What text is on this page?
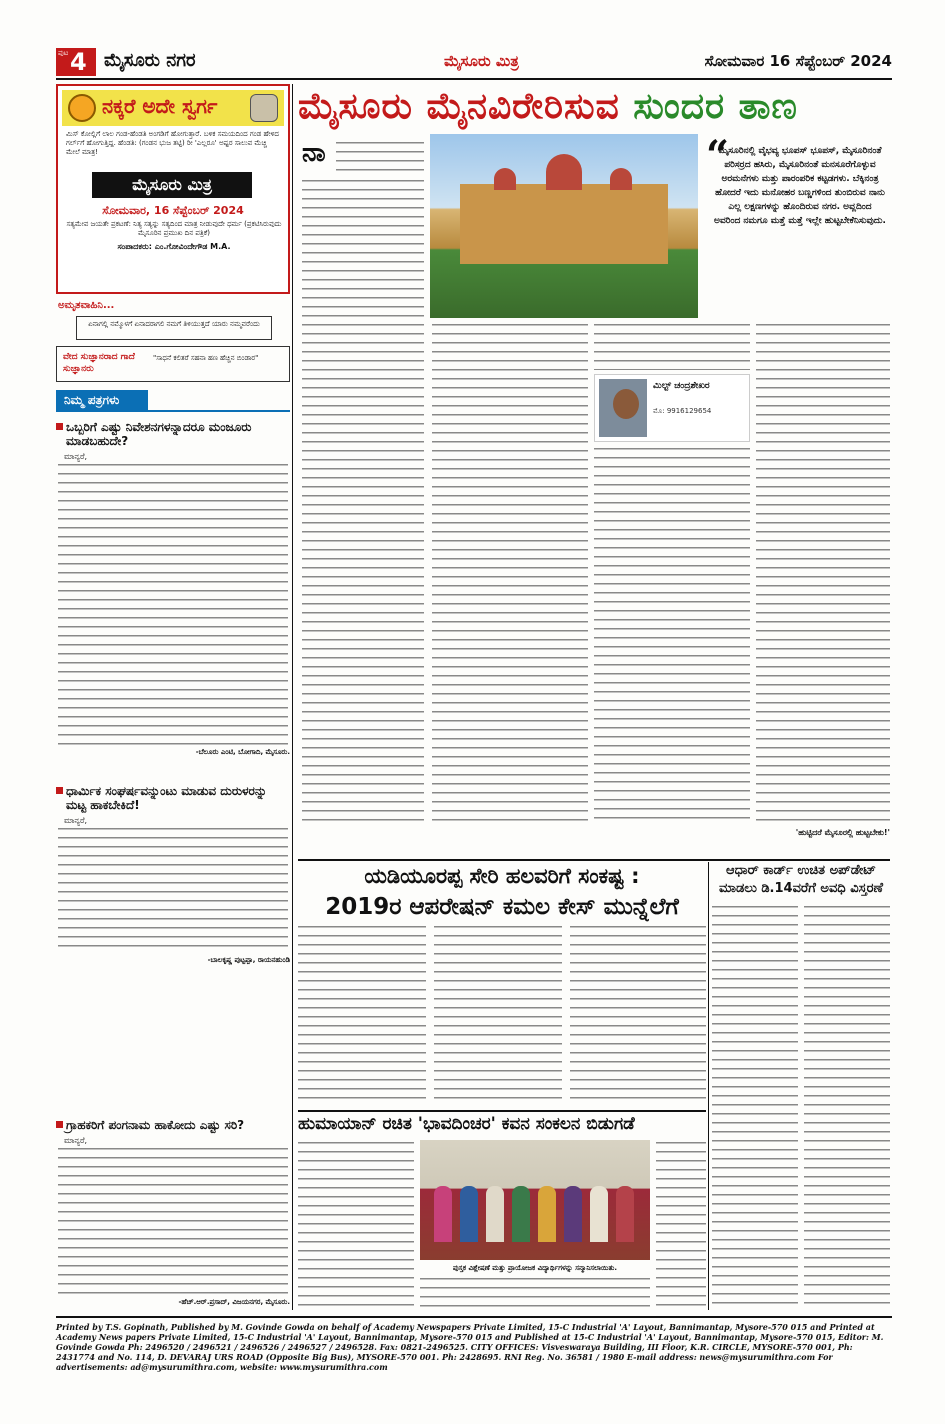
ಪುಟ 4 ಮೈಸೂರು ನಗರ	ಮೈಸೂರು ಮಿತ್ರ	ಸೋಮವಾರ 16 ಸೆಪ್ಟೆಂಬರ್ 2024
ನಕ್ಕರೆ ಅದೇ ಸ್ವರ್ಗ
ಮಿಸ್ ಕೋಲ್ಲಿಗೆ ಲಾಲ ಗಂಡ-ಹೆಂಡತಿ ಅಂಗಡಿಗೆ ಹೋಗುತ್ತಾರೆ. ಬಳಿಕ ಸಮಯದಿಂದ ಗಂಡ ಹೇಳಿದ ಗರ್ಲ್‌ಗೆ ಹೋಗುತ್ತಿದ್ದ. ಹೆಂಡತಿ: (ಗಂಡನ ಭುಜ ತಟ್ಟಿ) ರೀ 'ಎಲ್ಲರೂ' ಅಷ್ಟರ ಸಾಲುವ ಮೆಚ್ಚಿ ಮೇಲೆ ಮಾತ್ರ!
ಮೈಸೂರು ಮಿತ್ರ
ಸೋಮವಾರ, 16 ಸೆಪ್ಟೆಂಬರ್ 2024
ಸತ್ಯಮೇವ ಜಯತೇ ಪ್ರಕಟಣೆ: ನಿತ್ಯ ಸತ್ಯನ್ನು ಸತ್ಯದಿಂದ ಮಾತ್ರ ನೀಡುವುದೇ ಧರ್ಮ (ಪ್ರಕಟಿಸಿರುವುದು ಮೈಸೂರಿನ ಪ್ರಮುಖ ದಿನ ಪತ್ರಿಕೆ)
ಸಂಪಾದಕರು: ಎಂ.ಗೋವಿಂದೇಗೌಡ M.A.
ಅಮೃತವಾಹಿನಿ...
ಏನಾಗಲ್ಲಿ ನಮ್ಮೊಳಗೆ ಏನಾದರಾಗಲಿ ನಮಗೆ ತಿಳಿಯುತ್ತದೆ ಯಾರು ನಮ್ಮವರೆಂದು
ವೇದ ಸುಜ್ಞಾನರಾದ ಗಾದೆ ಸುಜ್ಞಾನರು
"ಸಾಧನೆ ಕಲಿತರೆ ಸಹನಾ ಹಣ ಹೆಚ್ಚಿನ ಬಿಂಡಾರ"
ನಿಮ್ಮ ಪತ್ರಗಳು
ಒಬ್ಬರಿಗೆ ಎಷ್ಟು ನಿವೇಶನಗಳನ್ನಾದರೂ ಮಂಜೂರು ಮಾಡಬಹುದೇ?
ಮಾನ್ಯರೆ,
-ಬೆಲೂರು ಎಂಟಿ, ಬೋಗಾದಿ, ಮೈಸೂರು.
ಧಾರ್ಮಿಕ ಸಂಘರ್ಷವನ್ನುಂಟು ಮಾಡುವ ದುರುಳರನ್ನು ಮಟ್ಟ ಹಾಕಬೇಕಿದೆ!
ಮಾನ್ಯರೆ,
-ಬಾಲಕೃಷ್ಣ ಪುಟ್ಟಪ್ಪಾ, ರಾಯನಹುಂಡಿ
ಗ್ರಾಹಕರಿಗೆ ಪಂಗನಾಮ ಹಾಕೋದು ಎಷ್ಟು ಸರಿ?
ಮಾನ್ಯರೆ,
-ಹೆಚ್.ಆರ್.ಪ್ರಸಾದ್, ವಿಜಯನಗರ, ಮೈಸೂರು.
ಮೈಸೂರು ಮೈನವಿರೇರಿಸುವ ಸುಂದರ ತಾಣ
ನಾ	“
ಮೈಸೂರಿನಲ್ಲಿ ವೈಭವ್ಯ ಭೂಪಸ್ ಭೂಪಸ್, ಮೈಸೂರಿನಂತೆ ಪರಿಸರ್ರದ ಹಸಿರು, ಮೈಸೂರಿನಂತೆ ಮನಸೂರೆಗೊಳ್ಳುವ ಅರಮನೆಗಳು ಮತ್ತು ಪಾರಂಪರಿಕ ಕಟ್ಟಡಗಳು. ಬೆಕ್ಕಿನಂತ್ರ ಹೋದರೆ ಇದು ಮನೋಹರ ಬಣ್ಣಗಳಿಂದ ತುಂಬಿರುವ ನಾನು ಎಲ್ಲ ಲಕ್ಷಣಗಳನ್ನು ಹೊಂದಿರುವ ನಗರ. ಅವ್ಲದಿಂದ ಅವರಿಂದ ನಮಗೂ ಮತ್ತೆ ಮತ್ತೆ ಇಲ್ಲೇ ಹುಟ್ಟಬೇಕೆನಿಸುವುದು.
ಮಿಲ್ಟ್ ಚಂದ್ರಶೇಖರ
ಮೊ: 9916129654
'ಹುಟ್ಟಿದರೆ ಮೈಸೂರಲ್ಲಿ ಹುಟ್ಟಬೇಕು!'
ಯಡಿಯೂರಪ್ಪ ಸೇರಿ ಹಲವರಿಗೆ ಸಂಕಷ್ಟ :
2019ರ ಆಪರೇಷನ್ ಕಮಲ ಕೇಸ್ ಮುನ್ನೆಲೆಗೆ
ಆಧಾರ್ ಕಾರ್ಡ್ ಉಚಿತ ಅಪ್‌ಡೇಟ್ ಮಾಡಲು ಡಿ.14ವರೆಗೆ ಅವಧಿ ವಿಸ್ತರಣೆ
ಹುಮಾಯಾನ್ ರಚಿತ 'ಭಾವದಿಂಚರ' ಕವನ ಸಂಕಲನ ಬಿಡುಗಡೆ
ಪುಸ್ತಕ ವಿಶ್ಲೇಷಣೆ ಮತ್ತು ಪ್ರಾಯೋಜಕ ವಿದ್ಯಾರ್ಥಿಗಳನ್ನು ಸನ್ಮಾನಿಸಲಾಯಿತು.
Printed by T.S. Gopinath, Published by M. Govinde Gowda on behalf of Academy Newspapers Private Limited, 15-C Industrial 'A' Layout, Bannimantap, Mysore-570 015 and Printed at Academy News papers Private Limited, 15-C Industrial 'A' Layout, Bannimantap, Mysore-570 015 and Published at 15-C Industrial 'A' Layout, Bannimantap, Mysore-570 015, Editor: M. Govinde Gowda Ph: 2496520 / 2496521 / 2496526 / 2496527 / 2496528. Fax: 0821-2496525. CITY OFFICES: Visveswaraya Building, III Floor, K.R. CIRCLE, MYSORE-570 001, Ph: 2431774 and No. 114, D. DEVARAJ URS ROAD (Opposite Big Bus), MYSORE-570 001. Ph: 2428695. RNI Reg. No. 36581 / 1980 E-mail address: news@mysurumithra.com For advertisements: ad@mysurumithra.com, website: www.mysurumithra.com
